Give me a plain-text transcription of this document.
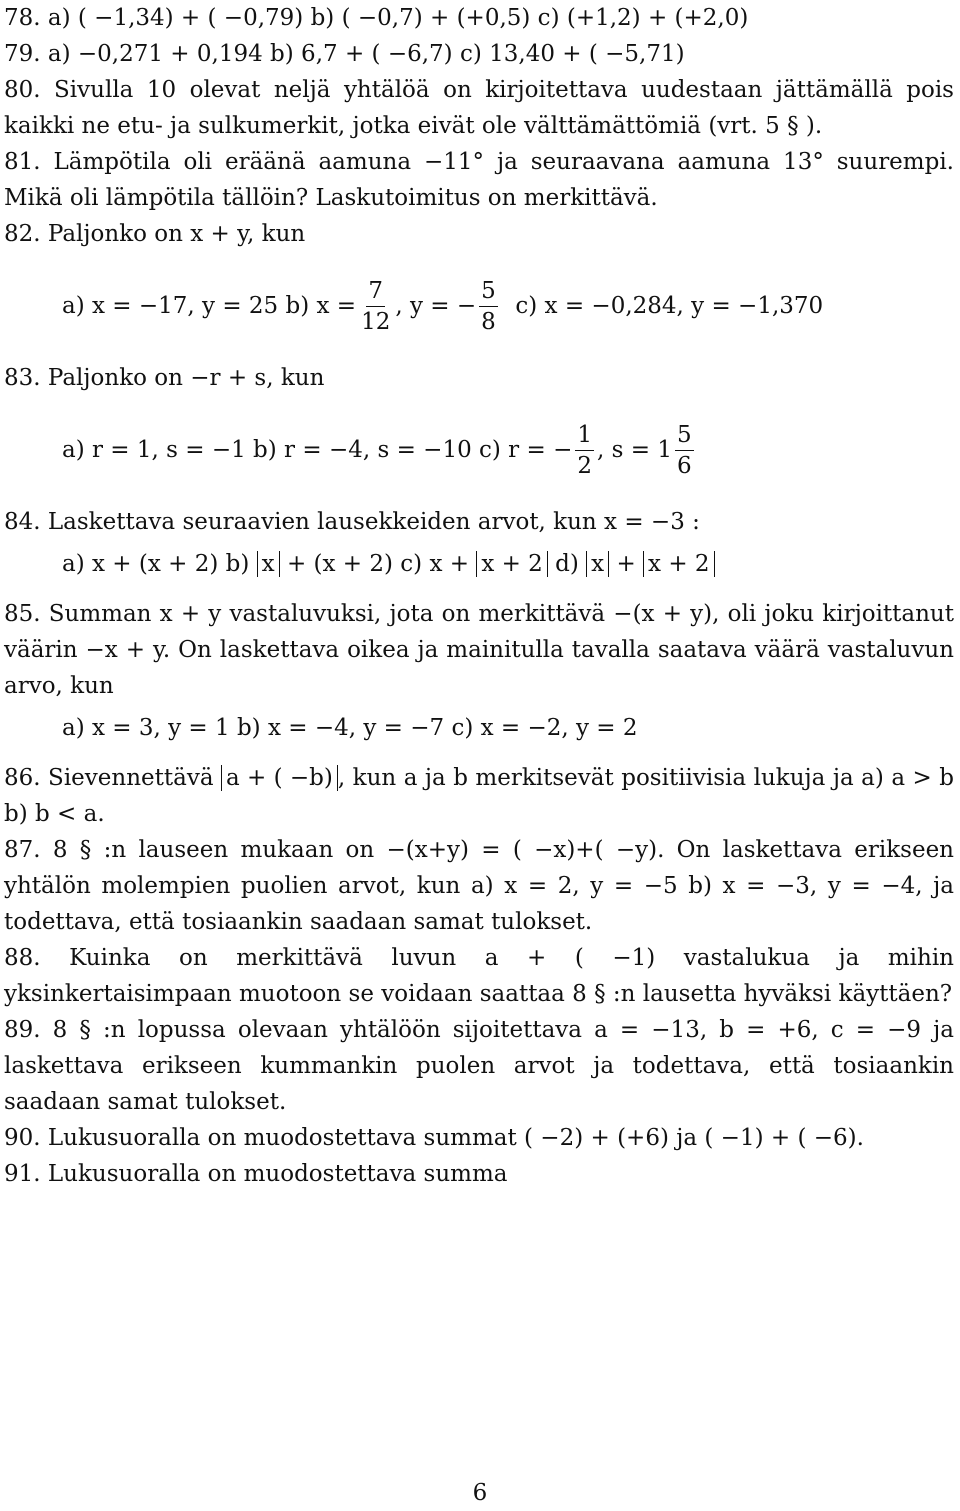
78. a) ( −1,34) + ( −0,79) b) ( −0,7) + (+0,5) c) (+1,2) + (+2,0)

79. a) −0,271 + 0,194 b) 6,7 + ( −6,7) c) 13,40 + ( −5,71)

80. Sivulla 10 olevat neljä yhtälöä on kirjoitettava uudestaan jättämällä pois kaikki ne etu- ja sulkumerkit, jotka eivät ole välttämättömiä (vrt. 5 § ).

81. Lämpötila oli eräänä aamuna −11° ja seuraavana aamuna 13° suurempi. Mikä oli lämpötila tällöin? Laskutoimitus on merkittävä.

82. Paljonko on x + y, kun

a) x = −17, y = 25 b) $x = \frac{7}{12}$ , y = − $\frac{5}{8} c$) x = −0,284, y = −1,370

83. Paljonko on −r + s, kun

a) r = 1, s = −1 b) r = −4, s = −10 c) r = − $\frac{1}{2}$ , $s = 1 \frac{5}{6}$

84. Laskettava seuraavien lausekkeiden arvot, kun x = −3 :

a) x + (x + 2) b) x + (x + 2) c) x + x + 2 d) x + x + 2

85. Summan x + y vastaluvuksi, jota on merkittävä −(x + y), oli joku kirjoittanut väärin −x + y. On laskettava oikea ja mainitulla tavalla saatava väärä vastaluvun arvo, kun

a) x = 3, y = 1 b) x = −4, y = −7 c) x = −2, y = 2

86. Sievennettävä a + ( −b) , kun a ja b merkitsevät positiivisia lukuja ja a) a > b b) b < a.

87. 8 § :n lauseen mukaan on −(x+y) = ( −x)+( −y). On laskettava erikseen yhtälön molempien puolien arvot, kun a) x = 2, y = −5 b) x = −3, y = −4, ja todettava, että tosiaankin saadaan samat tulokset.

88. Kuinka on merkittävä luvun a + ( −1) vastalukua ja mihin yksinkertaisimpaan muotoon se voidaan saattaa 8 § :n lausetta hyväksi käyttäen?

89. 8 § :n lopussa olevaan yhtälöön sijoitettava a = −13, b = +6, c = −9 ja laskettava erikseen kummankin puolen arvot ja todettava, että tosiaankin saadaan samat tulokset.

90. Lukusuoralla on muodostettava summat ( −2) + (+6) ja ( −1) + ( −6).

91. Lukusuoralla on muodostettava summa

6
